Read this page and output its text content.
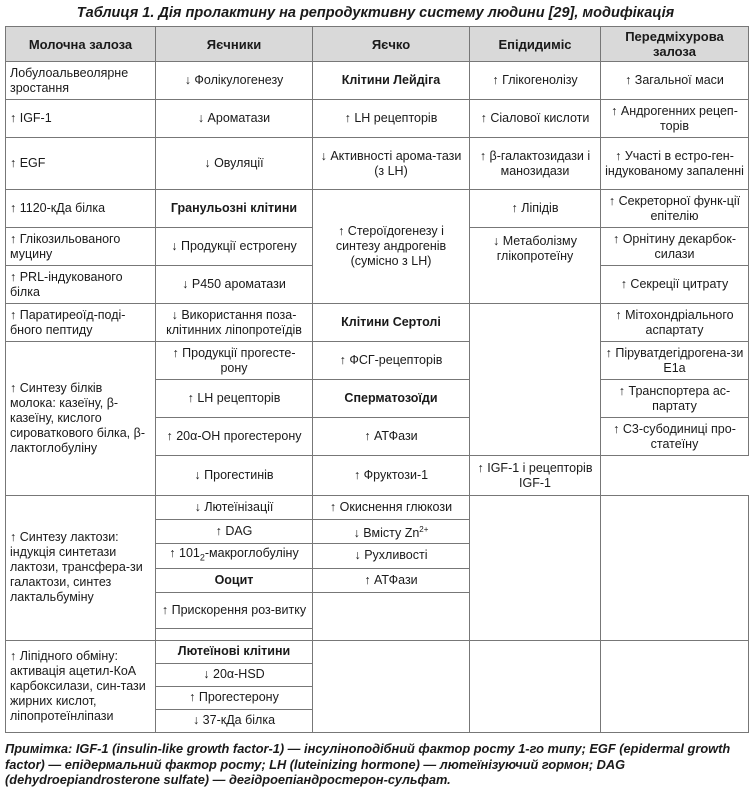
Таблиця 1. Дія пролактину на репродуктивну систему людини [29], модифікація
Молочна залоза	Яєчники	Яєчко	Епідидиміс	Передміхурова залоза
Лобулоальвеолярне зростання	↓ Фолікулогенезу	Клітини Лейдіга	↑ Глікогенолізу	↑ Загальної маси
↑ IGF-1	↓ Ароматази	↑ LH рецепторів	↑ Сіалової кислоти	↑ Андрогенних рецеп-торів
↑ EGF	↓ Овуляції	↓ Активності арома-тази (з LH)	↑ β-галактозидази і манозидази	↑ Участі в естро-ген-індукованому запаленні
↑ 1120-кДа білка	Гранульозні клітини	↑ Стероїдогенезу і синтезу андрогенів (сумісно з LH)	↑ Ліпідів	↑ Секреторної функ-ції епітелію
↑ Глікозильованого муцину	↓ Продукції естрогену		↓ Метаболізму глікопротеїну	↑ Орнітину декарбок-силази
↑ PRL-індукованого білка	↓ Р450 ароматази			↑ Секреції цитрату
↑ Паратиреоїд-поді-бного пептиду	↓ Використання поза-клітинних ліпопротеїдів	Клітини Сертолі		↑ Мітохондріального аспартату
↑ Синтезу білків молока: казеїну, β-казеїну, кислого сироваткового білка, β-лактоглобуліну	↑ Продукції прогесте-рону	↑ ФСГ-рецепторів		↑ Піруватдегідрогена-зи Е1а
	↑ LH рецепторів	Сперматозоїди		↑ Транспортера ас-партату
	↑ 20α-OH прогестерону	↑ АТФази		↑ С3-субодиниці про-статеїну
	↓ Прогестинів	↑ Фруктози-1	↑ IGF-1 і рецепторів IGF-1	
↑ Синтезу лактози: індукція синтетази лактози, трансфера-зи галактози, синтез лактальбуміну	↓ Лютеїнізації	↑ Окиснення глюкози		
	↑ DAG	↓ Вмісту $Zn^{2+}$
	↑ $101_2$-макроглобуліну	↓ Рухливості		
	Ооцит	↑ АТФази		
	↑ Прискорення роз-витку			

↑ Ліпідного обміну: активація ацетил-КоА карбоксилази, син-тази жирних кислот, ліпопротеїнліпази	Лютеїнові клітини			
	↓ 20α-HSD			
	↑ Прогестерону			
	↓ 37-кДа білка			
Примітка: IGF-1 (insulin-like growth factor-1) — інсуліноподібний фактор росту 1-го типу; EGF (epidermal growth factor) — епідермальний фактор росту; LH (luteinizing hormone) — лютеїнізуючий гормон; DAG (dehydroepiandrosterone sulfate) — дегідроепіандростерон-сульфат.
